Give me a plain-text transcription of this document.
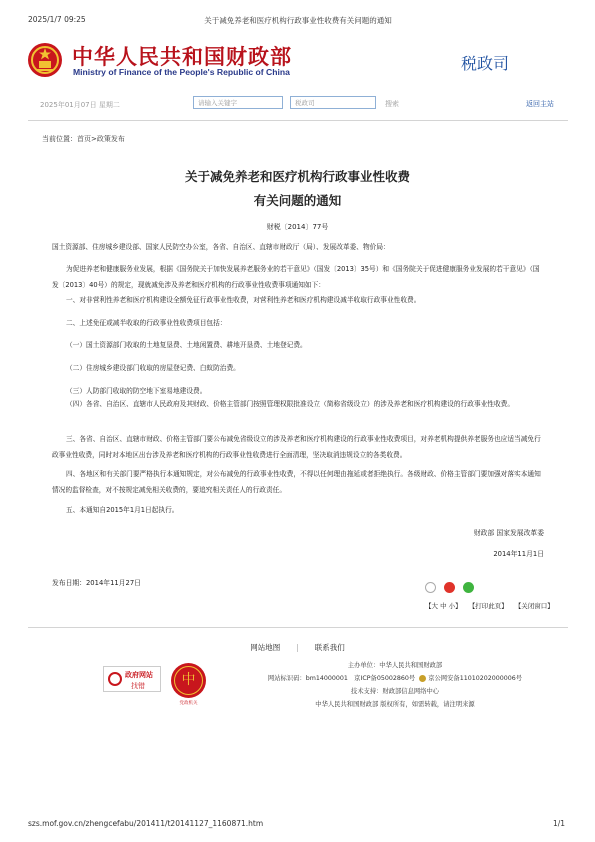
2025/1/7 09:25	关于减免养老和医疗机构行政事业性收费有关问题的通知
中华人民共和国财政部
Ministry of Finance of the People's Republic of China	税政司
2025年01月07日 星期二	请输入关键字	税政司	搜索	返回主站
当前位置：首页>政策发布
关于减免养老和医疗机构行政事业性收费
有关问题的通知
财税〔2014〕77号
国土资源部、住房城乡建设部、国家人民防空办公室，各省、自治区、直辖市财政厅（局）、发展改革委、物价局：
为促进养老和健康服务业发展，根据《国务院关于加快发展养老服务业的若干意见》（国发〔2013〕35号）和《国务院关于促进健康服务业发展的若干意见》（国发〔2013〕40号）的规定，现就减免涉及养老和医疗机构的行政事业性收费事项通知如下：
一、对非营利性养老和医疗机构建设全额免征行政事业性收费，对营利性养老和医疗机构建设减半收取行政事业性收费。
二、上述免征或减半收取的行政事业性收费项目包括：
（一）国土资源部门收取的土地复垦费、土地闲置费、耕地开垦费、土地登记费。
（二）住房城乡建设部门收取的房屋登记费、白蚁防治费。
（三）人防部门收取的防空地下室易地建设费。
（四）各省、自治区、直辖市人民政府及其财政、价格主管部门按照管理权限批准设立（简称省级设立）的涉及养老和医疗机构建设的行政事业性收费。
三、各省、自治区、直辖市财政、价格主管部门要公布减免省级设立的涉及养老和医疗机构建设的行政事业性收费项目，对养老机构提供养老服务也应适当减免行政事业性收费，同时对本地区出台涉及养老和医疗机构的行政事业性收费进行全面清理，坚决取消违规设立的各类收费。
四、各地区和有关部门要严格执行本通知规定，对公布减免的行政事业性收费，不得以任何理由拖延或者拒绝执行。各级财政、价格主管部门要加强对落实本通知情况的监督检查，对不按规定减免相关收费的，要追究相关责任人的行政责任。
五、本通知自2015年1月1日起执行。
财政部 国家发展改革委
2014年11月1日
发布日期：2014年11月27日

【大 中 小】 【打印此页】 【关闭窗口】
网站地图 | 联系我们
政府网站
找错	中
党政机关
主办单位：中华人民共和国财政部
网站标识码：bm14000001　京ICP备05002860号 京公网安备11010202000006号
技术支持：财政部信息网络中心
中华人民共和国财政部 版权所有，如需转载，请注明来源
szs.mof.gov.cn/zhengcefabu/201411/t20141127_1160871.htm	1/1
